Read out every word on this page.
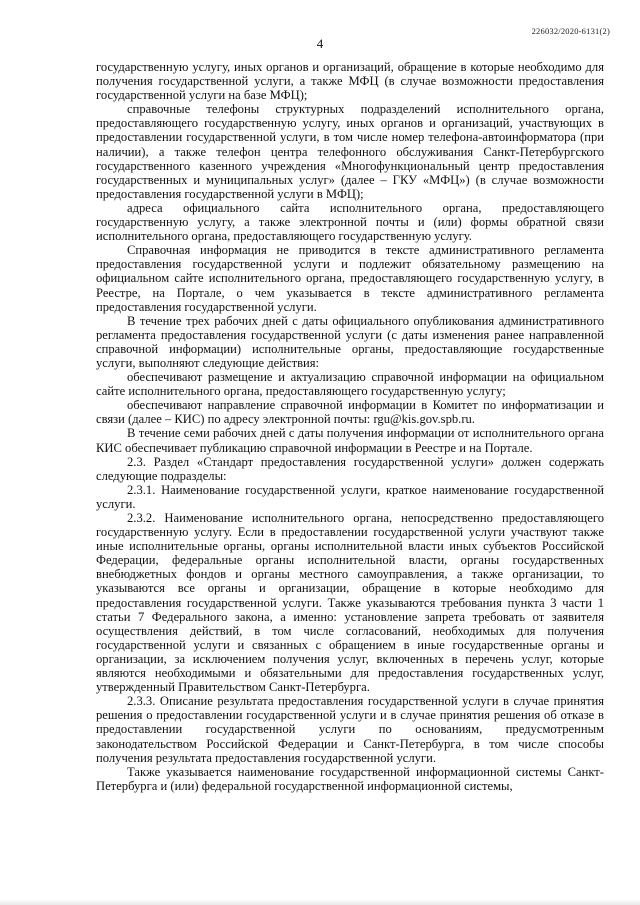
226032/2020-6131(2)
4

государственную услугу, иных органов и организаций, обращение в которые необходимо для получения государственной услуги, а также МФЦ (в случае возможности предоставления государственной услуги на базе МФЦ);

справочные телефоны структурных подразделений исполнительного органа, предоставляющего государственную услугу, иных органов и организаций, участвующих в предоставлении государственной услуги, в том числе номер телефона-автоинформатора (при наличии), а также телефон центра телефонного обслуживания Санкт-Петербургского государственного казенного учреждения «Многофункциональный центр предоставления государственных и муниципальных услуг» (далее – ГКУ «МФЦ») (в случае возможности предоставления государственной услуги в МФЦ);

адреса официального сайта исполнительного органа, предоставляющего государственную услугу, а также электронной почты и (или) формы обратной связи исполнительного органа, предоставляющего государственную услугу.

Справочная информация не приводится в тексте административного регламента предоставления государственной услуги и подлежит обязательному размещению на официальном сайте исполнительного органа, предоставляющего государственную услугу, в Реестре, на Портале, о чем указывается в тексте административного регламента предоставления государственной услуги.

В течение трех рабочих дней с даты официального опубликования административного регламента предоставления государственной услуги (с даты изменения ранее направленной справочной информации) исполнительные органы, предоставляющие государственные услуги, выполняют следующие действия:

обеспечивают размещение и актуализацию справочной информации на официальном сайте исполнительного органа, предоставляющего государственную услугу;

обеспечивают направление справочной информации в Комитет по информатизации и связи (далее – КИС) по адресу электронной почты: rgu@kis.gov.spb.ru.

В течение семи рабочих дней с даты получения информации от исполнительного органа КИС обеспечивает публикацию справочной информации в Реестре и на Портале.

2.3. Раздел «Стандарт предоставления государственной услуги» должен содержать следующие подразделы:

2.3.1. Наименование государственной услуги, краткое наименование государственной услуги.

2.3.2. Наименование исполнительного органа, непосредственно предоставляющего государственную услугу. Если в предоставлении государственной услуги участвуют также иные исполнительные органы, органы исполнительной власти иных субъектов Российской Федерации, федеральные органы исполнительной власти, органы государственных внебюджетных фондов и органы местного самоуправления, а также организации, то указываются все органы и организации, обращение в которые необходимо для предоставления государственной услуги. Также указываются требования пункта 3 части 1 статьи 7 Федерального закона, а именно: установление запрета требовать от заявителя осуществления действий, в том числе согласований, необходимых для получения государственной услуги и связанных с обращением в иные государственные органы и организации, за исключением получения услуг, включенных в перечень услуг, которые являются необходимыми и обязательными для предоставления государственных услуг, утвержденный Правительством Санкт-Петербурга.

2.3.3. Описание результата предоставления государственной услуги в случае принятия решения о предоставлении государственной услуги и в случае принятия решения об отказе в предоставлении государственной услуги по основаниям, предусмотренным законодательством Российской Федерации и Санкт-Петербурга, в том числе способы получения результата предоставления государственной услуги.

Также указывается наименование государственной информационной системы Санкт-Петербурга и (или) федеральной государственной информационной системы,
